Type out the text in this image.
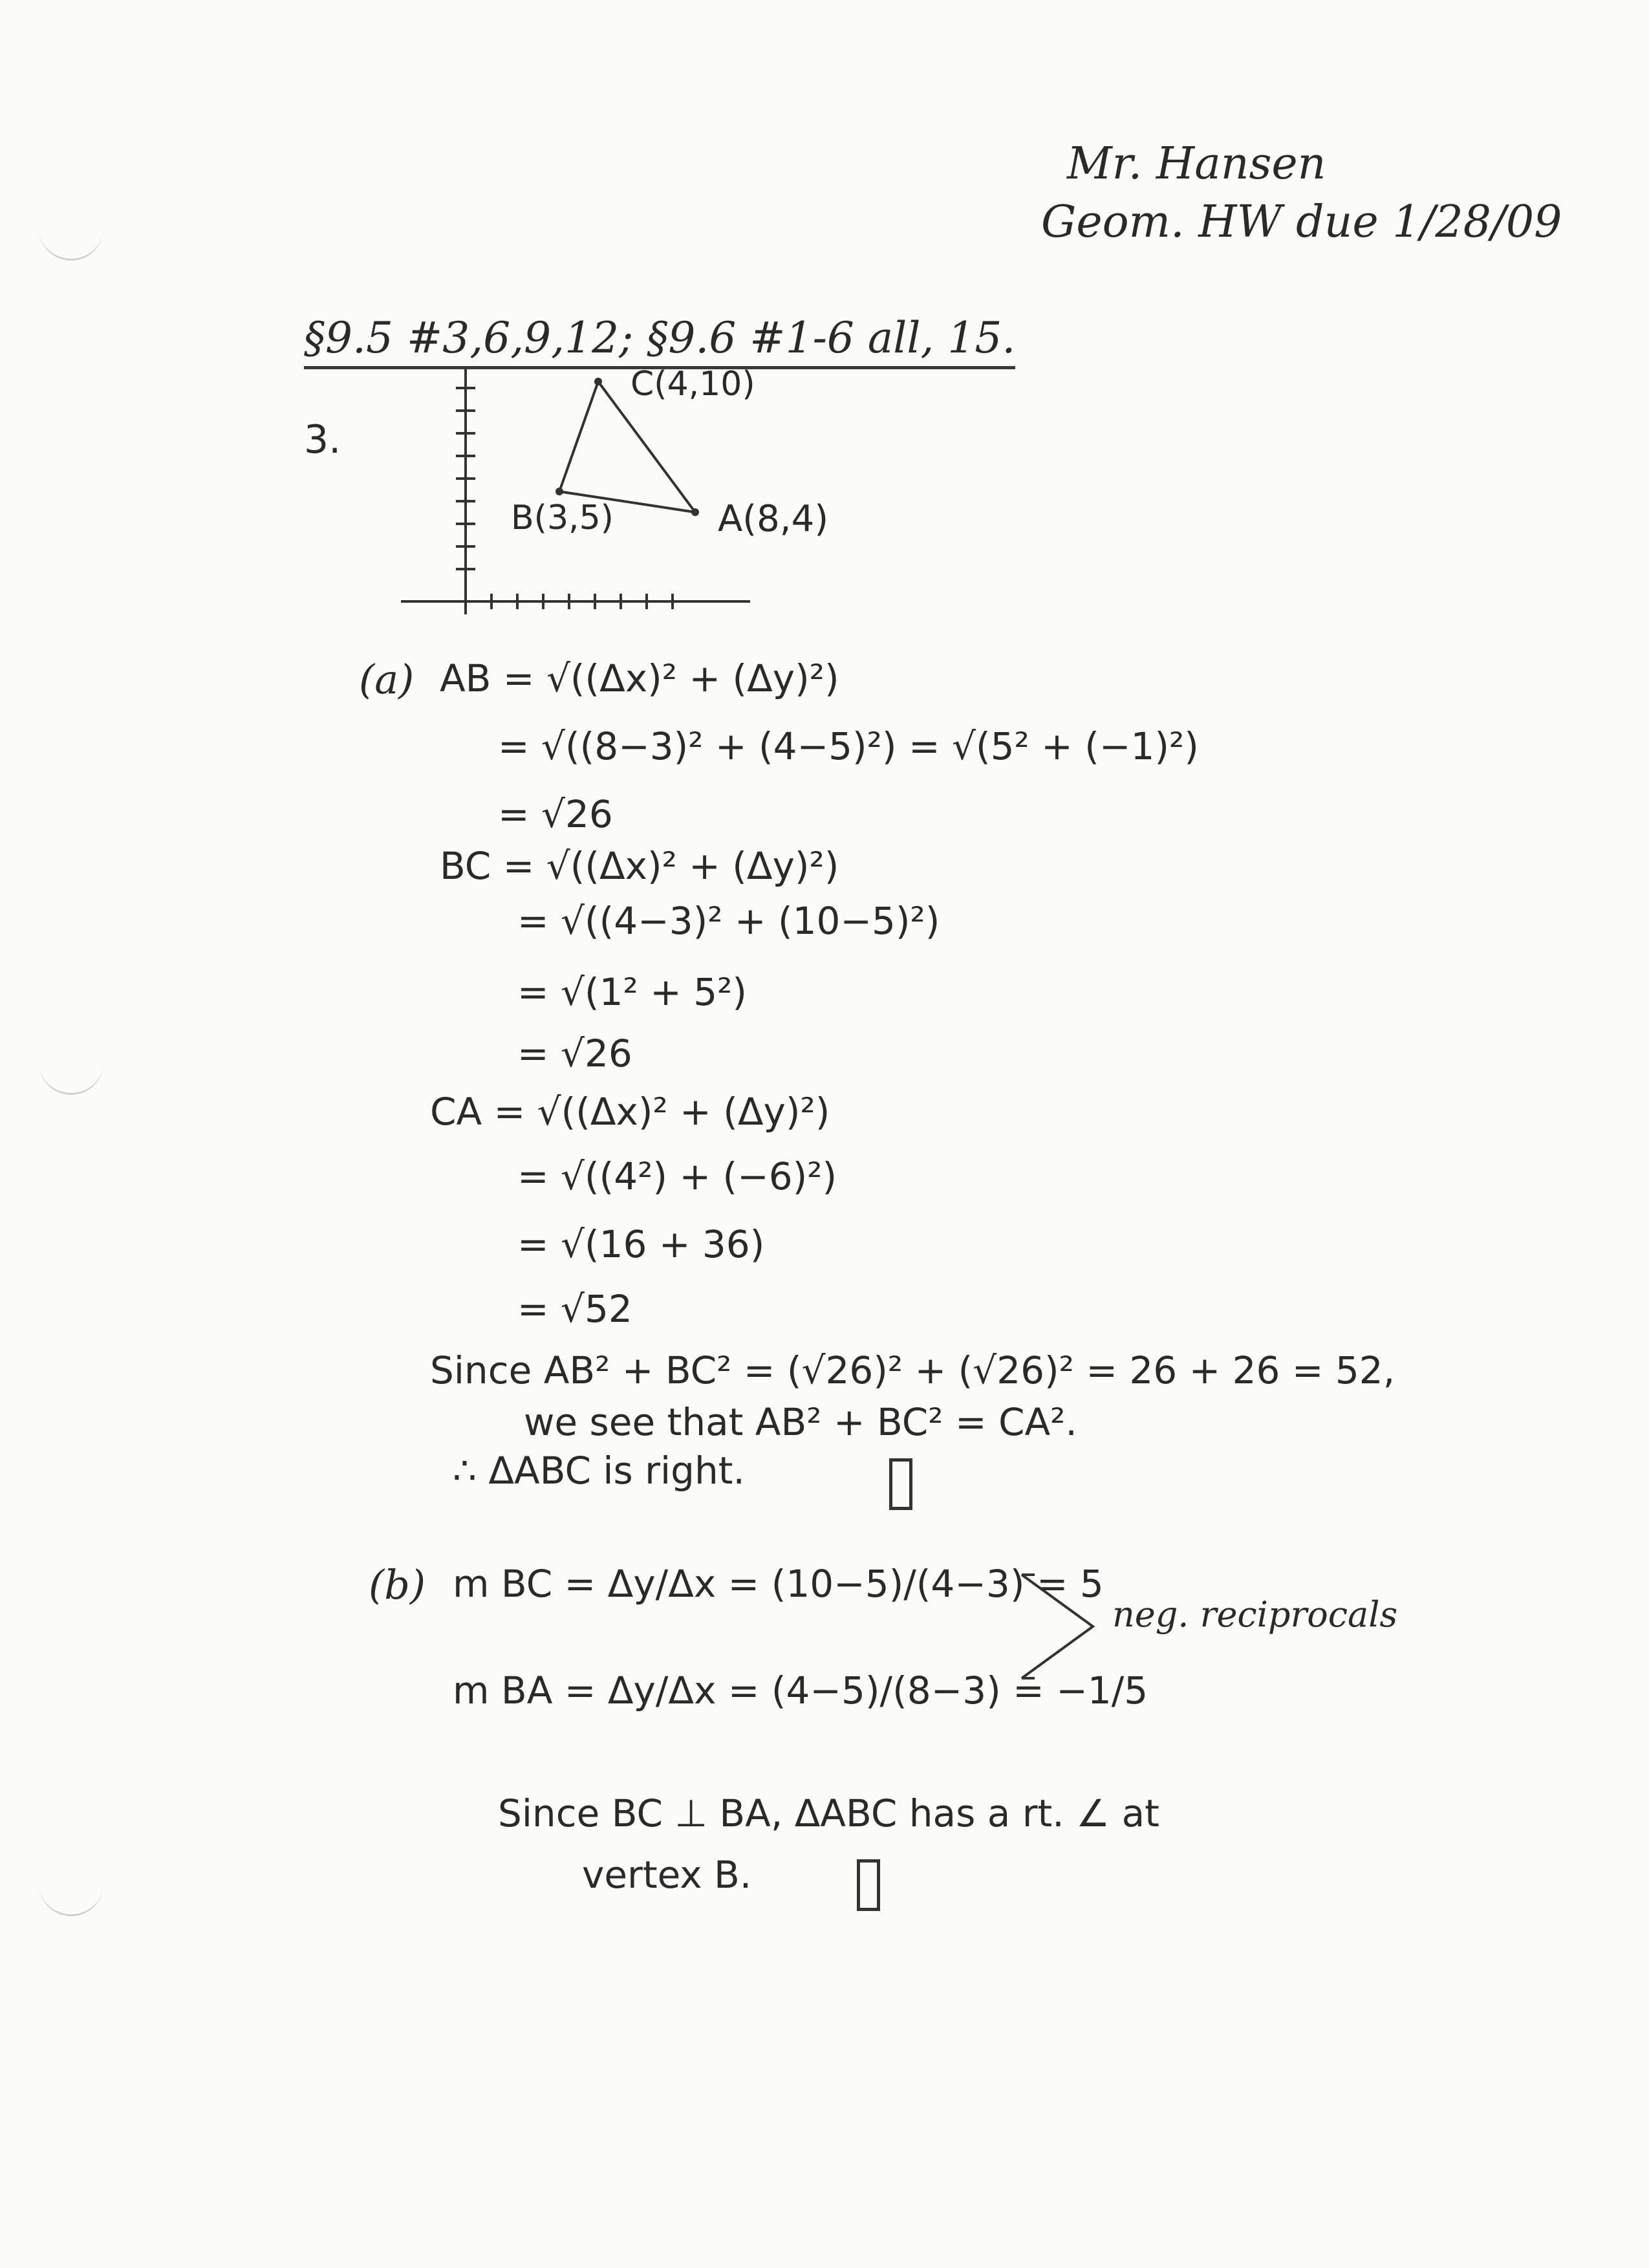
Mr. Hansen
Geom. HW due 1/28/09
§9.5 #3,6,9,12; §9.6 #1-6 all, 15.
3.
C(4,10)
B(3,5)	A(8,4)
(a) AB = √((Δx)² + (Δy)²)
= √((8−3)² + (4−5)²) = √(5² + (−1)²)
= √26
BC = √((Δx)² + (Δy)²)
= √((4−3)² + (10−5)²)
= √(1² + 5²)
= √26
CA = √((Δx)² + (Δy)²)
= √((4²) + (−6)²)
= √(16 + 36)
= √52
Since AB² + BC² = (√26)² + (√26)² = 26 + 26 = 52,
we see that AB² + BC² = CA².
∴ ΔABC is right.
(b) m BC = Δy/Δx = (10−5)/(4−3) = 5
m BA = Δy/Δx = (4−5)/(8−3) = −1/5
neg. reciprocals
Since BC ⊥ BA, ΔABC has a rt. ∠ at
vertex B.
